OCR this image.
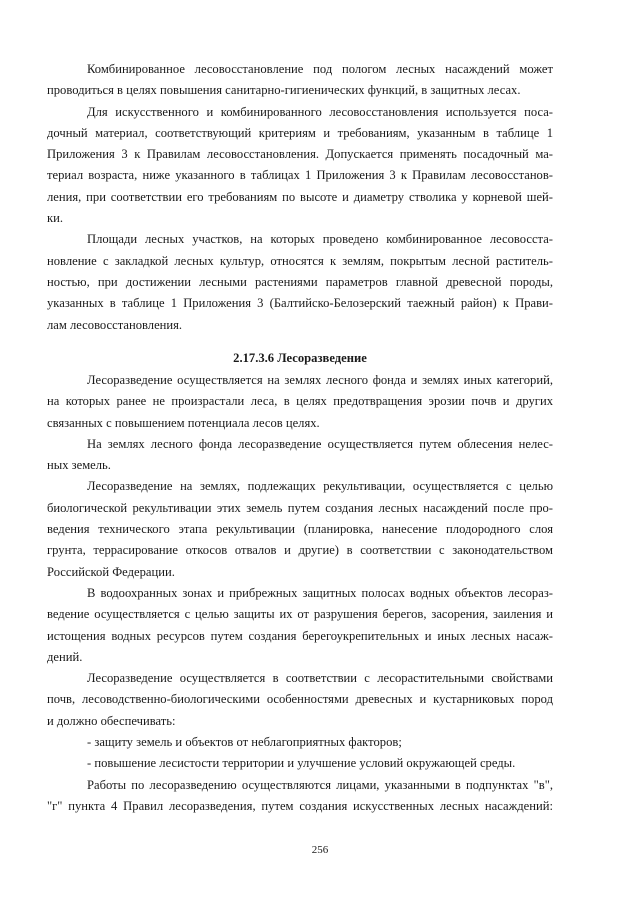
Комбинированное лесовосстановление под пологом лесных насаждений может
проводиться в целях повышения санитарно-гигиенических функций, в защитных лесах.
Для искусственного и комбинированного лесовосстановления используется поса-
дочный материал, соответствующий критериям и требованиям, указанным в таблице 1
Приложения 3 к Правилам лесовосстановления. Допускается применять посадочный ма-
териал возраста, ниже указанного в таблицах 1 Приложения 3 к Правилам лесовосстанов-
ления, при соответствии его требованиям по высоте и диаметру стволика у корневой шей-
ки.
Площади лесных участков, на которых проведено комбинированное лесовосста-
новление с закладкой лесных культур, относятся к землям, покрытым лесной раститель-
ностью, при достижении лесными растениями параметров главной древесной породы,
указанных в таблице 1 Приложения 3 (Балтийско-Белозерский таежный район) к Прави-
лам лесовосстановления.
2.17.3.6 Лесоразведение
Лесоразведение осуществляется на землях лесного фонда и землях иных категорий,
на которых ранее не произрастали леса, в целях предотвращения эрозии почв и других
связанных с повышением потенциала лесов целях.
На землях лесного фонда лесоразведение осуществляется путем облесения нелес-
ных земель.
Лесоразведение на землях, подлежащих рекультивации, осуществляется с целью
биологической рекультивации этих земель путем создания лесных насаждений после про-
ведения технического этапа рекультивации (планировка, нанесение плодородного слоя
грунта, террасирование откосов отвалов и другие) в соответствии с законодательством
Российской Федерации.
В водоохранных зонах и прибрежных защитных полосах водных объектов лесораз-
ведение осуществляется с целью защиты их от разрушения берегов, засорения, заиления и
истощения водных ресурсов путем создания берегоукрепительных и иных лесных насаж-
дений.
Лесоразведение осуществляется в соответствии с лесорастительными свойствами
почв, лесоводственно-биологическими особенностями древесных и кустарниковых пород
и должно обеспечивать:
- защиту земель и объектов от неблагоприятных факторов;
- повышение лесистости территории и улучшение условий окружающей среды.
Работы по лесоразведению осуществляются лицами, указанными в подпунктах "в",
"г" пункта 4 Правил лесоразведения, путем создания искусственных лесных насаждений:
256
